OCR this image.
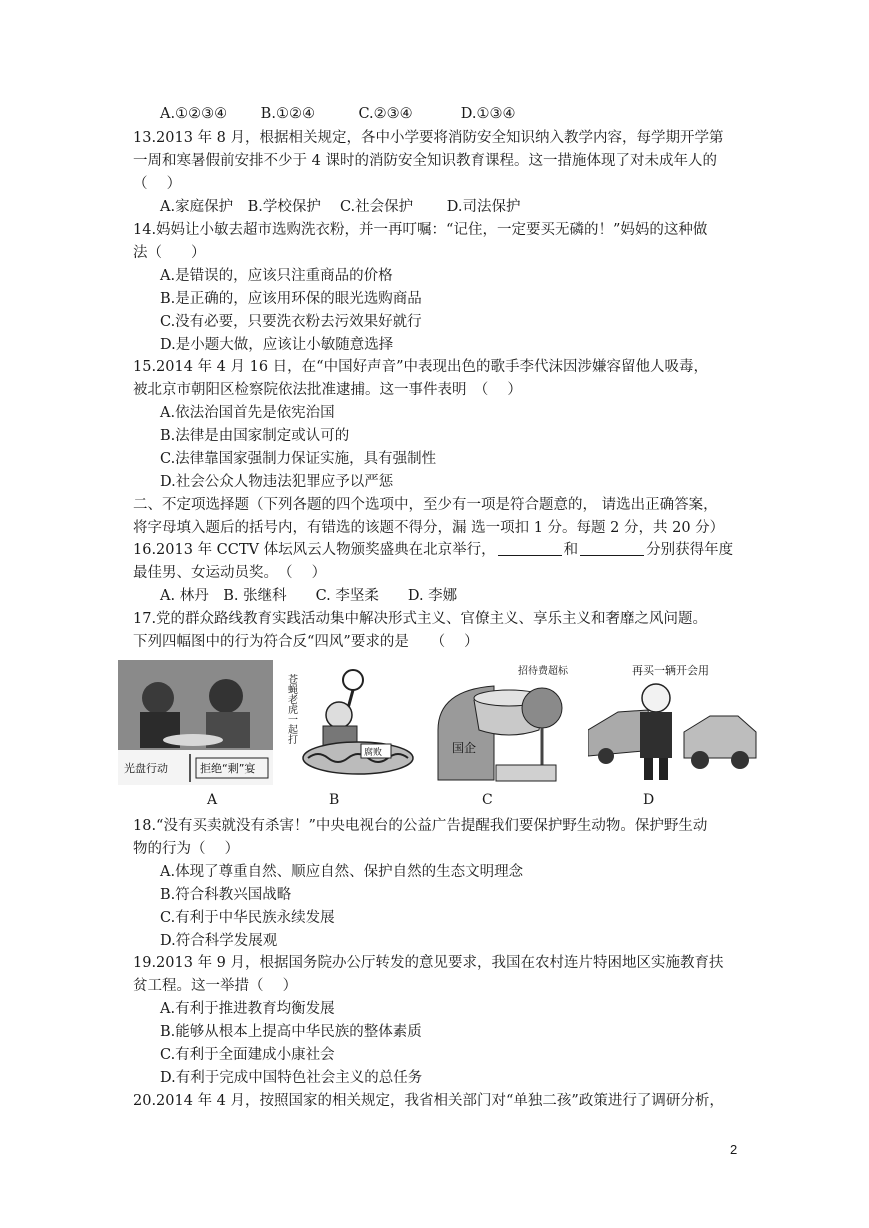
A.①②③④　　 B.①②④　　　C.②③④　　　 D.①③④
13.2013 年 8 月，根据相关规定，各中小学要将消防安全知识纳入教学内容，每学期开学第
一周和寒暑假前安排不少于 4 课时的消防安全知识教育课程。这一措施体现了对未成年人的
（　 ）
A.家庭保护　B.学校保护　 C.社会保护　　 D.司法保护
14.妈妈让小敏去超市选购洗衣粉，并一再叮嘱：“记住，一定要买无磷的！”妈妈的这种做
法（　　）
A.是错误的，应该只注重商品的价格
B.是正确的，应该用环保的眼光选购商品
C.没有必要，只要洗衣粉去污效果好就行
D.是小题大做，应该让小敏随意选择
15.2014 年 4 月 16 日，在“中国好声音”中表现出色的歌手李代沫因涉嫌容留他人吸毒，
被北京市朝阳区检察院依法批准逮捕。这一事件表明　（　 ）
A.依法治国首先是依宪治国
B.法律是由国家制定或认可的
C.法律靠国家强制力保证实施，具有强制性
D.社会公众人物违法犯罪应予以严惩
二、不定项选择题（下列各题的四个选项中，至少有一项是符合题意的， 请选出正确答案，
将字母填入题后的括号内，有错选的该题不得分，漏 选一项扣 1 分。每题 2 分，共 20 分）
16.2013 年 CCTV 体坛风云人物颁奖盛典在北京举行，	和	分别获得年度
最佳男、女运动员奖。　（　 ）
A. 林丹　B. 张继科　　C. 李坚柔　　D. 李娜
17.党的群众路线教育实践活动集中解决形式主义、官僚主义、享乐主义和奢靡之风问题。
下列四幅图中的行为符合反“四风”要求的是　　（　 ）
光盘行动	拒绝“剩”宴
苍蝇老虎一起打
腐败	国企
招待费超标	再买一辆开会用
A	B	C	D
18.“没有买卖就没有杀害！”中央电视台的公益广告提醒我们要保护野生动物。保护野生动
物的行为（　 ）
A.体现了尊重自然、顺应自然、保护自然的生态文明理念
B.符合科教兴国战略
C.有利于中华民族永续发展
D.符合科学发展观
19.2013 年 9 月，根据国务院办公厅转发的意见要求，我国在农村连片特困地区实施教育扶
贫工程。这一举措（　 ）
A.有利于推进教育均衡发展
B.能够从根本上提高中华民族的整体素质
C.有利于全面建成小康社会
D.有利于完成中国特色社会主义的总任务
20.2014 年 4 月，按照国家的相关规定，我省相关部门对“单独二孩”政策进行了调研分析，
2
